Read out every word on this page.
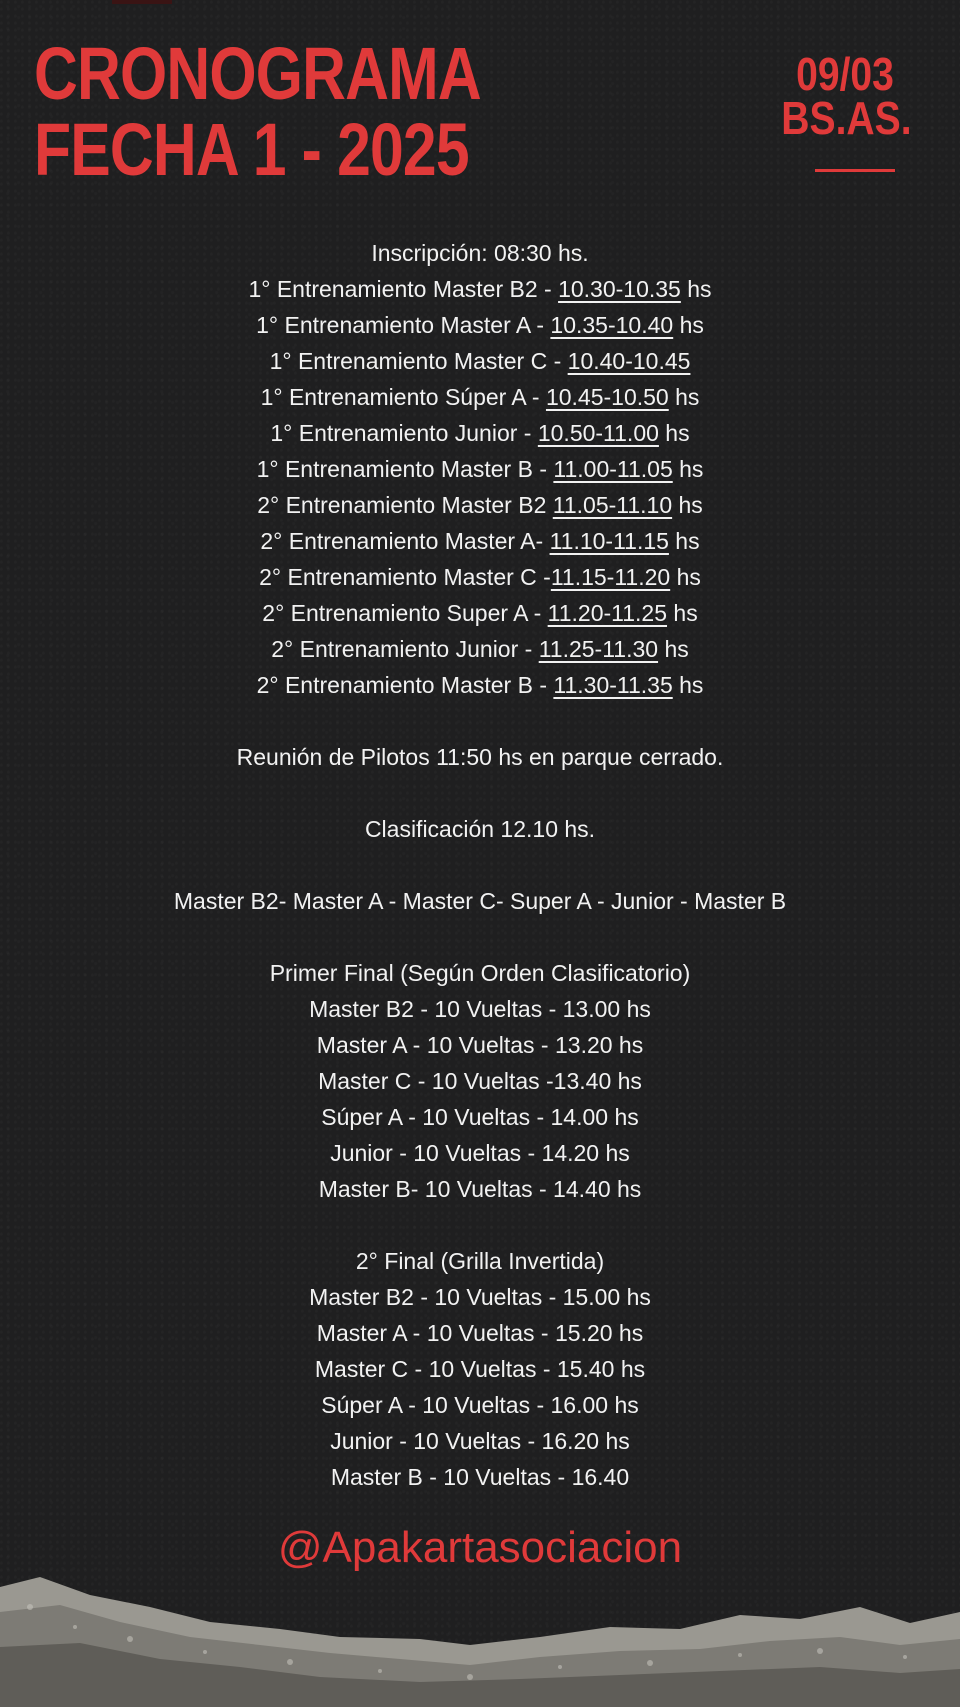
CRONOGRAMA
FECHA 1 - 2025
09/03
BS.AS.
Inscripción: 08:30 hs.
1° Entrenamiento Master B2 - 10.30-10.35 hs
1° Entrenamiento Master A - 10.35-10.40 hs
1° Entrenamiento Master C - 10.40-10.45
1° Entrenamiento Súper A - 10.45-10.50 hs
1° Entrenamiento Junior - 10.50-11.00 hs
1° Entrenamiento Master B - 11.00-11.05 hs
2° Entrenamiento Master B2 11.05-11.10 hs
2° Entrenamiento Master A- 11.10-11.15 hs
2° Entrenamiento Master C -11.15-11.20 hs
2° Entrenamiento Super A - 11.20-11.25 hs
2° Entrenamiento Junior - 11.25-11.30 hs
2° Entrenamiento Master B - 11.30-11.35 hs
Reunión de Pilotos 11:50 hs en parque cerrado.
Clasificación 12.10 hs.
Master B2- Master A - Master C- Super A - Junior - Master B
Primer Final (Según Orden Clasificatorio)
Master B2 - 10 Vueltas - 13.00 hs
Master A - 10 Vueltas - 13.20 hs
Master C - 10 Vueltas -13.40 hs
Súper A - 10 Vueltas - 14.00 hs
Junior - 10 Vueltas - 14.20 hs
Master B- 10 Vueltas - 14.40 hs
2° Final (Grilla Invertida)
Master B2 - 10 Vueltas - 15.00 hs
Master A - 10 Vueltas - 15.20 hs
Master C - 10 Vueltas - 15.40 hs
Súper A - 10 Vueltas - 16.00 hs
Junior - 10 Vueltas - 16.20 hs
Master B - 10 Vueltas - 16.40
@Apakartasociacion
